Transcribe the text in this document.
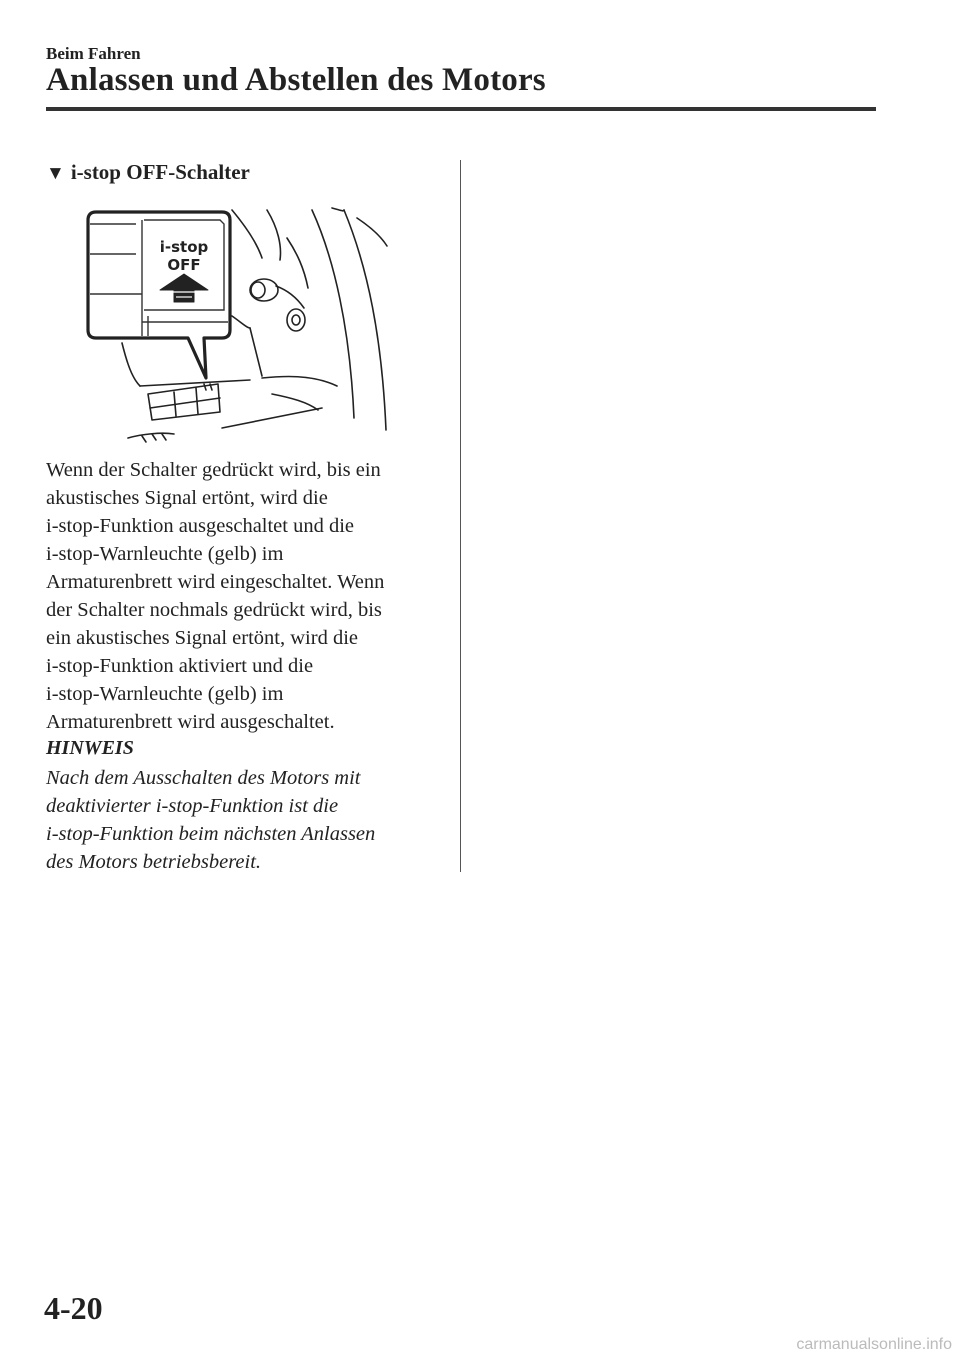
Beim Fahren
Anlassen und Abstellen des Motors
▼ i-stop OFF-Schalter
i-stop
OFF
Wenn der Schalter gedrückt wird, bis ein
akustisches Signal ertönt, wird die
i-stop-Funktion ausgeschaltet und die
i-stop-Warnleuchte (gelb) im
Armaturenbrett wird eingeschaltet. Wenn
der Schalter nochmals gedrückt wird, bis
ein akustisches Signal ertönt, wird die
i-stop-Funktion aktiviert und die
i-stop-Warnleuchte (gelb) im
Armaturenbrett wird ausgeschaltet.
HINWEIS
Nach dem Ausschalten des Motors mit
deaktivierter i-stop-Funktion ist die
i-stop-Funktion beim nächsten Anlassen
des Motors betriebsbereit.
4-20
carmanualsonline.info
